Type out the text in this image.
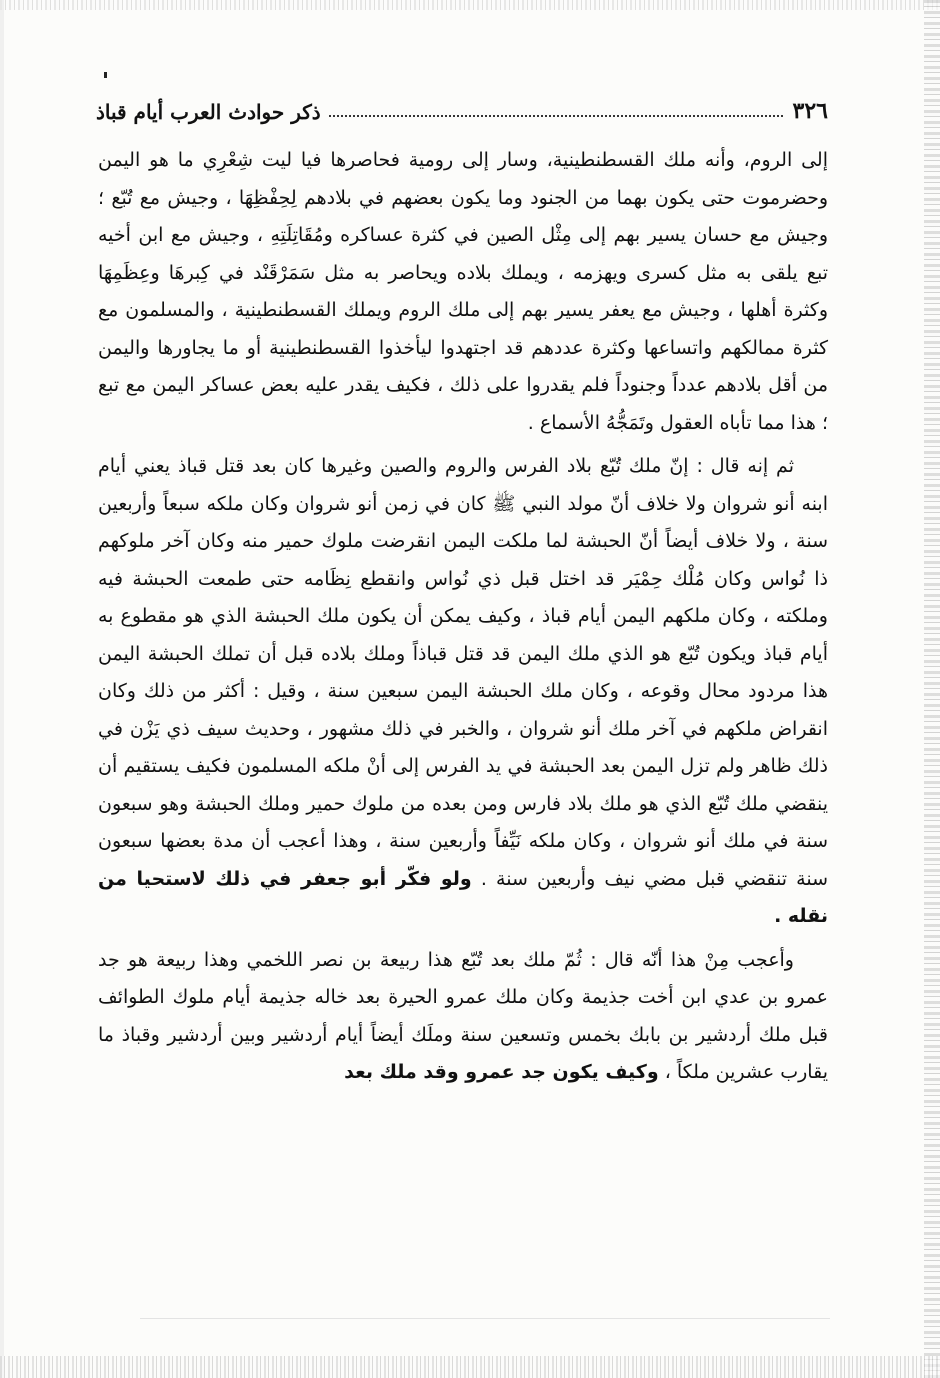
٣٢٦
ذكر حوادث العرب أيام قباذ

إلى الروم، وأنه ملك القسطنطينية، وسار إلى رومية فحاصرها فيا ليت شِعْرِي ما هو اليمن وحضرموت حتى يكون بهما من الجنود وما يكون بعضهم في بلادهم لِحِفْظِهَا ، وجيش مع تُبّع ؛ وجيش مع حسان يسير بهم إلى مِثْل الصين في كثرة عساكره ومُقَاتِلَتِهِ ، وجيش مع ابن أخيه تبع يلقى به مثل كسرى ويهزمه ، ويملك بلاده ويحاصر به مثل سَمَرْقَنْد في كِبرهَا وعِظَمِهَا وكثرة أهلها ، وجيش مع يعفر يسير بهم إلى ملك الروم ويملك القسطنطينية ، والمسلمون مع كثرة ممالكهم واتساعها وكثرة عددهم قد اجتهدوا ليأخذوا القسطنطينية أو ما يجاورها واليمن من أقل بلادهم عدداً وجنوداً فلم يقدروا على ذلك ، فكيف يقدر عليه بعض عساكر اليمن مع تبع ؛ هذا مما تأباه العقول وتَمَجُّهُ الأسماع .

ثم إنه قال : إنّ ملك تُبّع بلاد الفرس والروم والصين وغيرها كان بعد قتل قباذ يعني أيام ابنه أنو شروان ولا خلاف أنّ مولد النبي ﷺ كان في زمن أنو شروان وكان ملكه سبعاً وأربعين سنة ، ولا خلاف أيضاً أنّ الحبشة لما ملكت اليمن انقرضت ملوك حمير منه وكان آخر ملوكهم ذا نُواس وكان مُلْك حِمْيَر قد اختل قبل ذي نُواس وانقطع نِظَامه حتى طمعت الحبشة فيه وملكته ، وكان ملكهم اليمن أيام قباذ ، وكيف يمكن أن يكون ملك الحبشة الذي هو مقطوع به أيام قباذ ويكون تُبّع هو الذي ملك اليمن قد قتل قباذاً وملك بلاده قبل أن تملك الحبشة اليمن هذا مردود محال وقوعه ، وكان ملك الحبشة اليمن سبعين سنة ، وقيل : أكثر من ذلك وكان انقراض ملكهم في آخر ملك أنو شروان ، والخبر في ذلك مشهور ، وحديث سيف ذي يَزْن في ذلك ظاهر ولم تزل اليمن بعد الحبشة في يد الفرس إلى أنْ ملكه المسلمون فكيف يستقيم أن ينقضي ملك تُبّع الذي هو ملك بلاد فارس ومن بعده من ملوك حمير وملك الحبشة وهو سبعون سنة في ملك أنو شروان ، وكان ملكه نَيِّفاً وأربعين سنة ، وهذا أعجب أن مدة بعضها سبعون سنة تنقضي قبل مضي نيف وأربعين سنة . ولو فكّر أبو جعفر في ذلك لاستحيا من نقله .

وأعجب مِنْ هذا أنّه قال : ثُمّ ملك بعد تُبّع هذا ربيعة بن نصر اللخمي وهذا ربيعة هو جد عمرو بن عدي ابن أخت جذيمة وكان ملك عمرو الحيرة بعد خاله جذيمة أيام ملوك الطوائف قبل ملك أردشير بن بابك بخمس وتسعين سنة وملَك أيضاً أيام أردشير وبين أردشير وقباذ ما يقارب عشرين ملكاً ، وكيف يكون جد عمرو وقد ملك بعد
